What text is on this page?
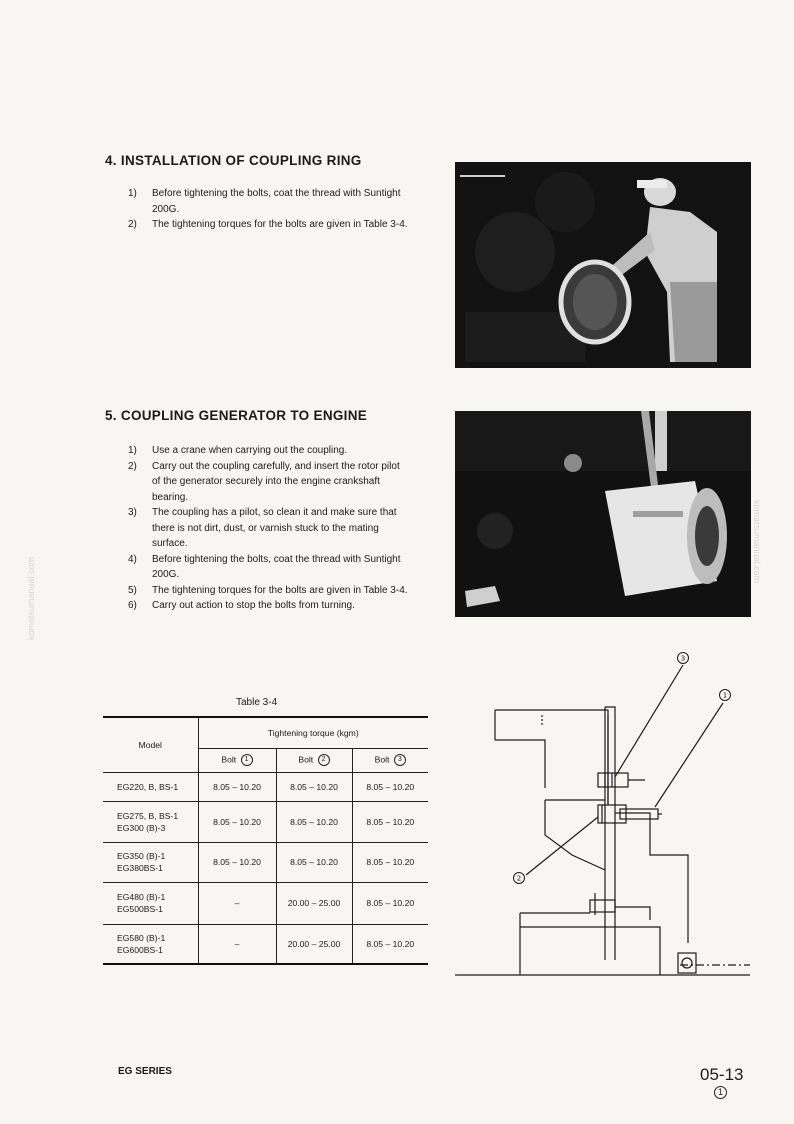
4. INSTALLATION OF COUPLING RING
1) Before tightening the bolts, coat the thread with Suntight 200G.
2) The tightening torques for the bolts are given in Table 3-4.
5. COUPLING GENERATOR TO ENGINE
1) Use a crane when carrying out the coupling.
2) Carry out the coupling carefully, and insert the rotor pilot of the generator securely into the engine crankshaft bearing.
3) The coupling has a pilot, so clean it and make sure that there is not dirt, dust, or varnish stuck to the mating surface.
4) Before tightening the bolts, coat the thread with Suntight 200G.
5) The tightening torques for the bolts are given in Table 3-4.
6) Carry out action to stop the bolts from turning.
Table 3-4
Model	Tightening torque (kgm)		
	Bolt 1	Bolt 2	Bolt 3
EG220, B, BS-1	8.05 – 10.20	8.05 – 10.20	8.05 – 10.20
EG275, B, BS-1
EG300 (B)-3	8.05 – 10.20	8.05 – 10.20	8.05 – 10.20
EG350 (B)-1
EG380BS-1	8.05 – 10.20	8.05 – 10.20	8.05 – 10.20
EG480 (B)-1
EG500BS-1	–	20.00 – 25.00	8.05 – 10.20
EG580 (B)-1
EG600BS-1	–	20.00 – 25.00	8.05 – 10.20
3
1
2
komatsumanual.com
komatsumanual.com
EG SERIES	05-13
1
